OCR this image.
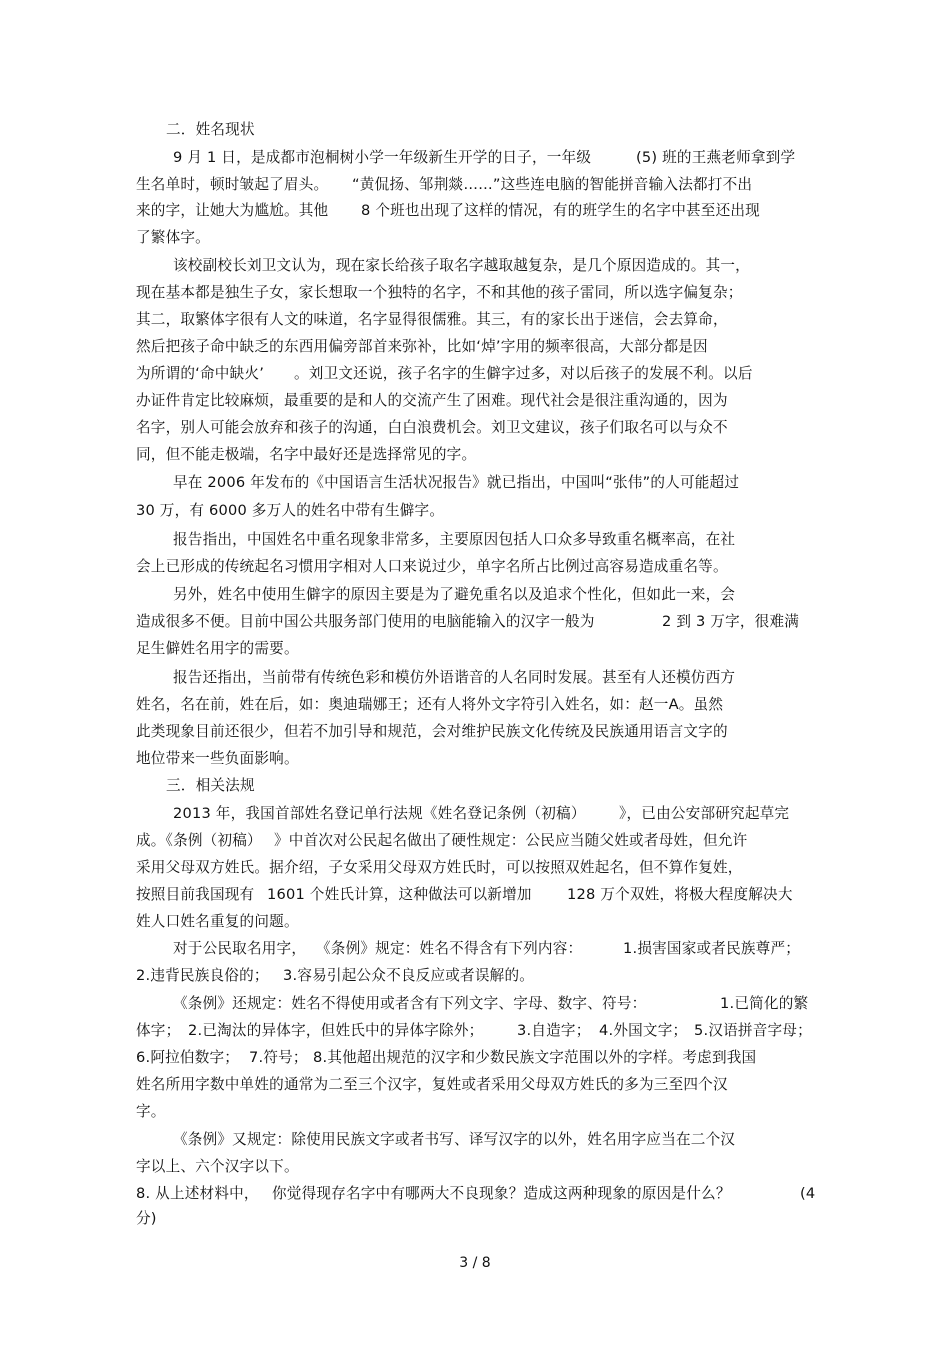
二．姓名现状
9 月 1 日，是成都市泡桐树小学一年级新生开学的日子，一年级	(5) 班的王燕老师拿到学
生名单时，顿时皱起了眉头。 “黄侃扬、邹荆燚……”这些连电脑的智能拼音输入法都打不出
来的字，让她大为尴尬。其他 8 个班也出现了这样的情况，有的班学生的名字中甚至还出现
了繁体字。
该校副校长刘卫文认为，现在家长给孩子取名字越取越复杂，是几个原因造成的。其一，
现在基本都是独生子女，家长想取一个独特的名字，不和其他的孩子雷同，所以选字偏复杂；
其二，取繁体字很有人文的味道，名字显得很儒雅。其三，有的家长出于迷信，会去算命，
然后把孩子命中缺乏的东西用偏旁部首来弥补，比如‘焯’字用的频率很高，大部分都是因
为所谓的‘命中缺火’ 。刘卫文还说，孩子名字的生僻字过多，对以后孩子的发展不利。以后
办证件肯定比较麻烦，最重要的是和人的交流产生了困难。现代社会是很注重沟通的，因为
名字，别人可能会放弃和孩子的沟通，白白浪费机会。刘卫文建议，孩子们取名可以与众不
同，但不能走极端，名字中最好还是选择常见的字。
早在 2006 年发布的《中国语言生活状况报告》就已指出，中国叫“张伟”的人可能超过
30 万，有 6000 多万人的姓名中带有生僻字。
报告指出，中国姓名中重名现象非常多，主要原因包括人口众多导致重名概率高，在社
会上已形成的传统起名习惯用字相对人口来说过少，单字名所占比例过高容易造成重名等。
另外，姓名中使用生僻字的原因主要是为了避免重名以及追求个性化，但如此一来，会
造成很多不便。目前中国公共服务部门使用的电脑能输入的汉字一般为	2 到 3 万字，很难满
足生僻姓名用字的需要。
报告还指出，当前带有传统色彩和模仿外语谐音的人名同时发展。甚至有人还模仿西方
姓名，名在前，姓在后，如：奥迪瑞娜王；还有人将外文字符引入姓名，如：赵一A。虽然
此类现象目前还很少，但若不加引导和规范，会对维护民族文化传统及民族通用语言文字的
地位带来一些负面影响。
三．相关法规
2013 年，我国首部姓名登记单行法规《姓名登记条例（初稿） 》，已由公安部研究起草完
成。《条例（初稿） 》中首次对公民起名做出了硬性规定：公民应当随父姓或者母姓，但允许
采用父母双方姓氏。据介绍，子女采用父母双方姓氏时，可以按照双姓起名，但不算作复姓，
按照目前我国现有 1601 个姓氏计算，这种做法可以新增加 128 万个双姓，将极大程度解决大
姓人口姓名重复的问题。
对于公民取名用字， 《条例》规定：姓名不得含有下列内容：	1.损害国家或者民族尊严；
2.违背民族良俗的； 3.容易引起公众不良反应或者误解的。
《条例》还规定：姓名不得使用或者含有下列文字、字母、数字、符号：	1.已简化的繁
体字； 2.已淘汰的异体字，但姓氏中的异体字除外； 3.自造字； 4.外国文字； 5.汉语拼音字母；
6.阿拉伯数字； 7.符号； 8.其他超出规范的汉字和少数民族文字范围以外的字样。考虑到我国
姓名所用字数中单姓的通常为二至三个汉字，复姓或者采用父母双方姓氏的多为三至四个汉
字。
《条例》又规定：除使用民族文字或者书写、译写汉字的以外，姓名用字应当在二个汉
字以上、六个汉字以下。
8. 从上述材料中， 你觉得现存名字中有哪两大不良现象？造成这两种现象的原因是什么？	(4
分)
3 / 8
